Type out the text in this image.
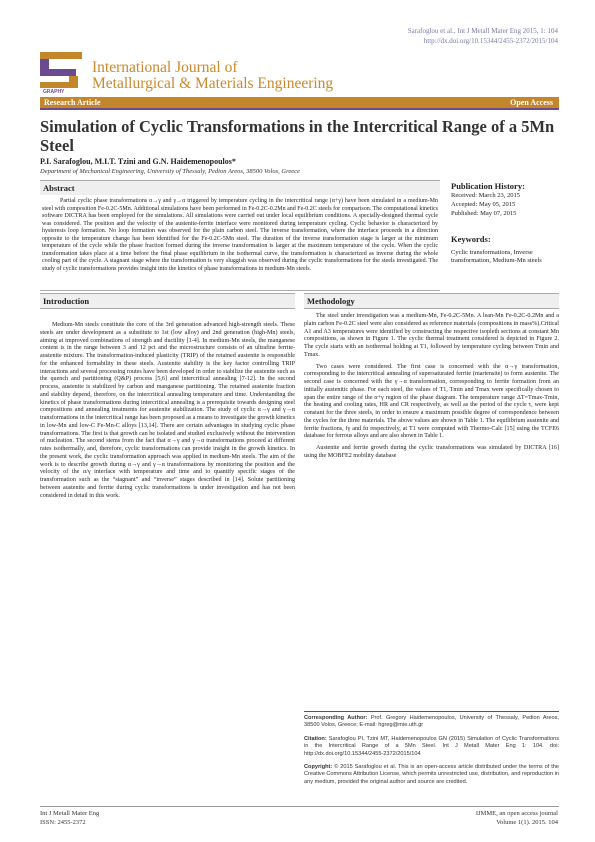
Sarafoglou et al., Int J Metall Mater Eng 2015, 1: 104
http://dx.doi.org/10.15344/2455-2372/2015/104
GRAPHY
International Journal of
Metallurgical & Materials Engineering
Research Article	Open Access
Simulation of Cyclic Transformations in the Intercritical Range of a 5Mn Steel
P.I. Sarafoglou, M.I.T. Tzini and G.N. Haidemenopoulos*
Department of Mechanical Engineering, University of Thessaly, Pedion Areos, 38500 Volos, Greece
Abstract

Partial cyclic phase transformations α→γ and γ→α triggered by temperature cycling in the intercritical range (α+γ) have been simulated in a medium-Mn steel with composition Fe-0.2C-5Mn. Additional simulations have been performed in Fe-0.2C-0.2Mn and Fe-0.2C steels for comparison. The computational kinetics software DICTRA has been employed for the simulations. All simulations were carried out under local equilibrium conditions. A specially-designed thermal cycle was considered. The position and the velocity of the austenite-ferrite interface were monitored during temperature cycling. Cyclic behavior is characterized by hysteresis loop formation. No loop formation was observed for the plain carbon steel. The inverse transformation, where the interface proceeds in a direction opposite to the temperature change has been identified for the Fe-0.2C-5Mn steel. The duration of the inverse transformation stage is larger at the minimum temperature of the cycle while the phase fraction formed during the inverse transformation is larger at the maximum temperature of the cycle. When the cyclic transformation takes place at a time before the final phase equilibrium in the isothermal curve, the transformation is characterized as inverse during the whole cooling part of the cycle. A stagnant stage where the transformation is very sluggish was observed during the cyclic transformations for the steels investigated. The study of cyclic transformations provides insight into the kinetics of phase transformations in medium-Mn steels.

Publication History:
Received: March 23, 2015
Accepted: May 05, 2015
Published: May 07, 2015
Keywords:
Cyclic transformations, Inverse transformation, Medium-Mn steels
Introduction

Medium-Mn steels constitute the core of the 3rd generation advanced high-strength steels. These steels are under development as a substitute to 1st (low alloy) and 2nd generation (high-Mn) steels, aiming at improved combinations of strength and ductility [1-4]. In medium-Mn steels, the manganese content is in the range between 3 and 12 pct and the microstructure consists of an ultrafine ferrite-austenite mixture. The transformation-induced plasticity (TRIP) of the retained austenite is responsible for the enhanced formability in these steels. Austenite stability is the key factor controlling TRIP interactions and several processing routes have been developed in order to stabilize the austenite such as the quench and partitioning (Q&P) process [5,6] and intercritical annealing [7-12]. In the second process, austenite is stabilized by carbon and manganese partitioning. The retained austenite fraction and stability depend, therefore, on the intercritical annealing temperature and time. Understanding the kinetics of phase transformations during intercritical annealing is a prerequisite towards designing steel compositions and annealing treatments for austenite stabilization. The study of cyclic α→γ and γ→α transformations in the intercritical range has been proposed as a means to investigate the growth kinetics in low-Mn and low-C Fe-Mn-C alloys [13,14]. There are certain advantages in studying cyclic phase transformations. The first is that growth can be isolated and studied exclusively without the intervention of nucleation. The second stems from the fact that α→γ and γ→α transformations proceed at different rates isothermally, and, therefore, cyclic transformations can provide insight in the growth kinetics. In the present work, the cyclic transformation approach was applied in medium-Mn steels. The aim of the work is to describe growth during α→γ and γ→α transformations by monitoring the position and the velocity of the α/γ interface with temperature and time and to quantify specific stages of the transformation such as the “stagnant” and “inverse” stages described in [14]. Solute partitioning between austenite and ferrite during cyclic transformations is under investigation and has not been considered in detail in this work.

Methodology

The steel under investigation was a medium-Mn, Fe-0.2C-5Mn. A lean-Mn Fe-0.2C-0.2Mn and a plain carbon Fe-0.2C steel were also considered as reference materials (compositions in mass%).Critical A1 and A3 temperatures were identified by constructing the respective isopleth sections at constant Mn compositions, as shown in Figure 1. The cyclic thermal treatment considered is depicted in Figure 2. The cycle starts with an isothermal holding at T1, followed by temperature cycling between Tmin and Tmax.

Two cases were considered. The first case is concerned with the α→γ transformation, corresponding to the intercritical annealing of supersaturated ferrite (martensite) to form austenite. The second case is concerned with the γ→α transformation, corresponding to ferrite formation from an initially austenitic phase. For each steel, the values of T1, Tmin and Tmax were specifically chosen to span the entire range of the α+γ region of the phase diagram. The temperature range ΔT=Tmax-Tmin, the heating and cooling rates, HR and CR respectively, as well as the period of the cycle τ, were kept constant for the three steels, in order to ensure a maximum possible degree of correspondence between the cycles for the three materials. The above values are shown in Table 1. The equilibrium austenite and ferrite fractions, fγ and fα respectively, at T1 were computed with Thermo-Calc [15] using the TCFE6 database for ferrous alloys and are also shown in Table 1.

Austenite and ferrite growth during the cyclic transformations was simulated by DICTRA [16] using the MOBFE2 mobility database

Corresponding Author: Prof. Gregory Haidemenopoulos, University of Thessaly, Pedion Areos, 38500 Volos, Greece; E-mail: hgreg@mie.uth.gr
Citation: Sarafoglou PI, Tzini MT, Haidemenopoulos GN (2015) Simulation of Cyclic Transformations in the Intercritical Range of a 5Mn Steel. Int J Metall Mater Eng 1: 104. doi: http://dx.doi.org/10.15344/2455-2372/2015/104
Copyright: © 2015 Sarafoglou et al. This is an open-access article distributed under the terms of the Creative Commons Attribution License, which permits unrestricted use, distribution, and reproduction in any medium, provided the original author and source are credited.
Int J Metall Mater Eng
ISSN: 2455-2372
IJMME, an open access journal
Volume 1(1). 2015. 104
